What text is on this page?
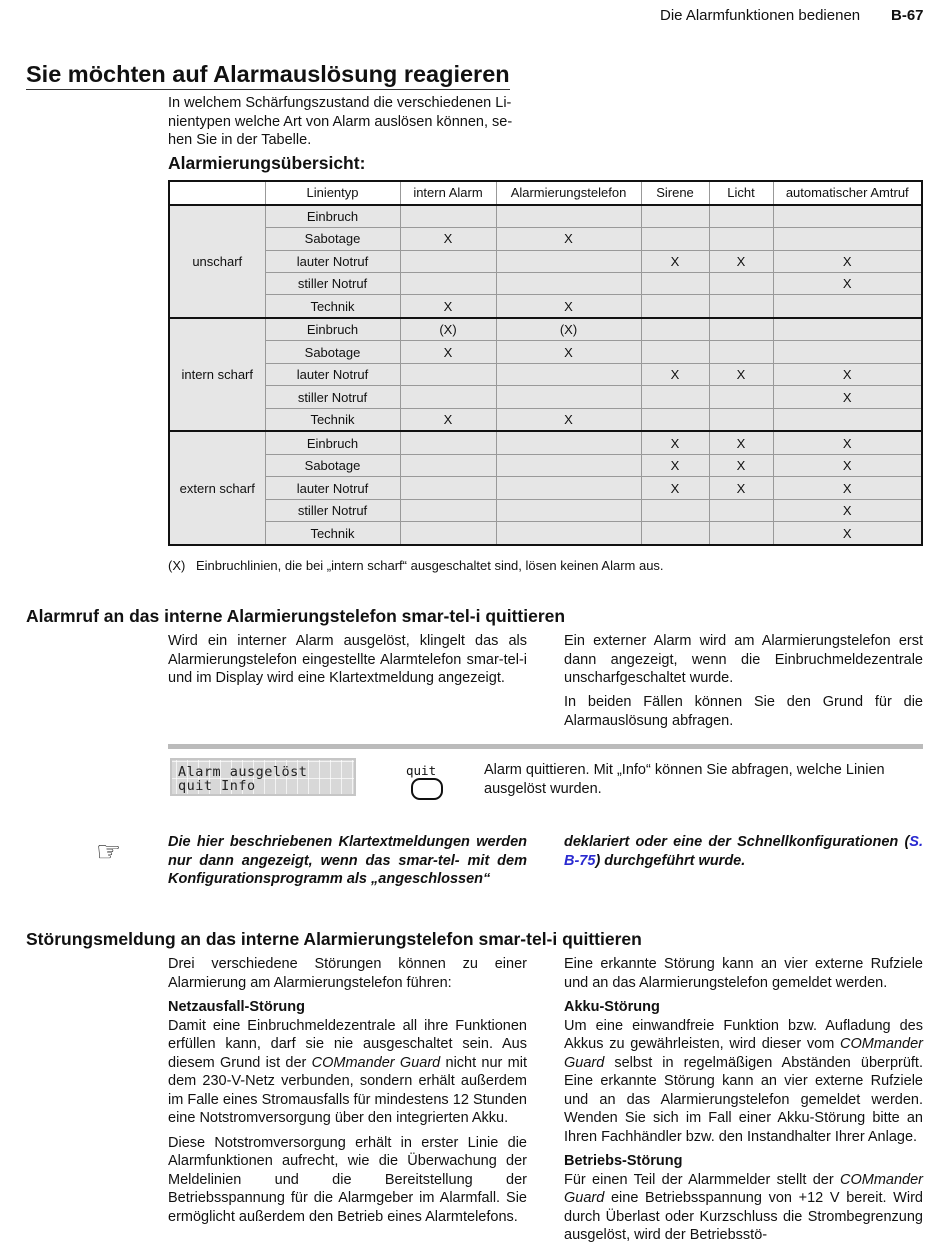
Die Alarmfunktionen bedienen B-67
Sie möchten auf Alarmauslösung reagieren
In welchem Schärfungszustand die verschiedenen Li-
nientypen welche Art von Alarm auslösen können, se-
hen Sie in der Tabelle.
Alarmierungsübersicht:
	Linientyp	intern Alarm	Alarmierungstelefon	Sirene	Licht	automatischer Amtruf
unscharf	Einbruch					
	Sabotage	X	X			
	lauter Notruf			X	X	X
	stiller Notruf					X
	Technik	X	X			
intern scharf	Einbruch	(X)	(X)			
	Sabotage	X	X			
	lauter Notruf			X	X	X
	stiller Notruf					X
	Technik	X	X			
extern scharf	Einbruch			X	X	X
	Sabotage			X	X	X
	lauter Notruf			X	X	X
	stiller Notruf					X
	Technik					X
(X) Einbruchlinien, die bei „intern scharf“ ausgeschaltet sind, lösen keinen Alarm aus.
Alarmruf an das interne Alarmierungstelefon smar-tel-i quittieren
Wird ein interner Alarm ausgelöst, klingelt das als Alarmierungstelefon eingestellte Alarmtelefon smar-tel-i und im Display wird eine Klartextmeldung angezeigt.
Ein externer Alarm wird am Alarmierungstelefon erst dann angezeigt, wenn die Einbruchmeldezentrale unscharfgeschaltet wurde.
In beiden Fällen können Sie den Grund für die Alarmauslösung abfragen.
Alarm ausgelöst
quit Info
quit	Alarm quittieren. Mit „Info“ können Sie abfragen, welche Linien ausgelöst wurden.
☞	Die hier beschriebenen Klartextmeldungen werden nur dann angezeigt, wenn das smar-tel- mit dem Konfigurationsprogramm als „angeschlossen“
deklariert oder eine der Schnellkonfigurationen (S. B-75) durchgeführt wurde.
Störungsmeldung an das interne Alarmierungstelefon smar-tel-i quittieren

Drei verschiedene Störungen können zu einer Alarmierung am Alarmierungstelefon führen:

Netzausfall-Störung

Damit eine Einbruchmeldezentrale all ihre Funktionen erfüllen kann, darf sie nie ausgeschaltet sein. Aus diesem Grund ist der COMmander Guard nicht nur mit dem 230-V-Netz verbunden, sondern erhält außerdem im Falle eines Stromausfalls für mindestens 12 Stunden eine Notstromversorgung über den integrierten Akku.

Diese Notstromversorgung erhält in erster Linie die Alarmfunktionen aufrecht, wie die Überwachung der Meldelinien und die Bereitstellung der Betriebsspannung für die Alarmgeber im Alarmfall. Sie ermöglicht außerdem den Betrieb eines Alarmtelefons.

Eine erkannte Störung kann an vier externe Rufziele und an das Alarmierungstelefon gemeldet werden.

Akku-Störung

Um eine einwandfreie Funktion bzw. Aufladung des Akkus zu gewährleisten, wird dieser vom COMmander Guard selbst in regelmäßigen Abständen überprüft. Eine erkannte Störung kann an vier externe Rufziele und an das Alarmierungstelefon gemeldet werden. Wenden Sie sich im Fall einer Akku-Störung bitte an Ihren Fachhändler bzw. den Instandhalter Ihrer Anlage.

Betriebs-Störung

Für einen Teil der Alarmmelder stellt der COMmander Guard eine Betriebsspannung von +12 V bereit. Wird durch Überlast oder Kurzschluss die Strombegrenzung ausgelöst, wird der Betriebsstö-
